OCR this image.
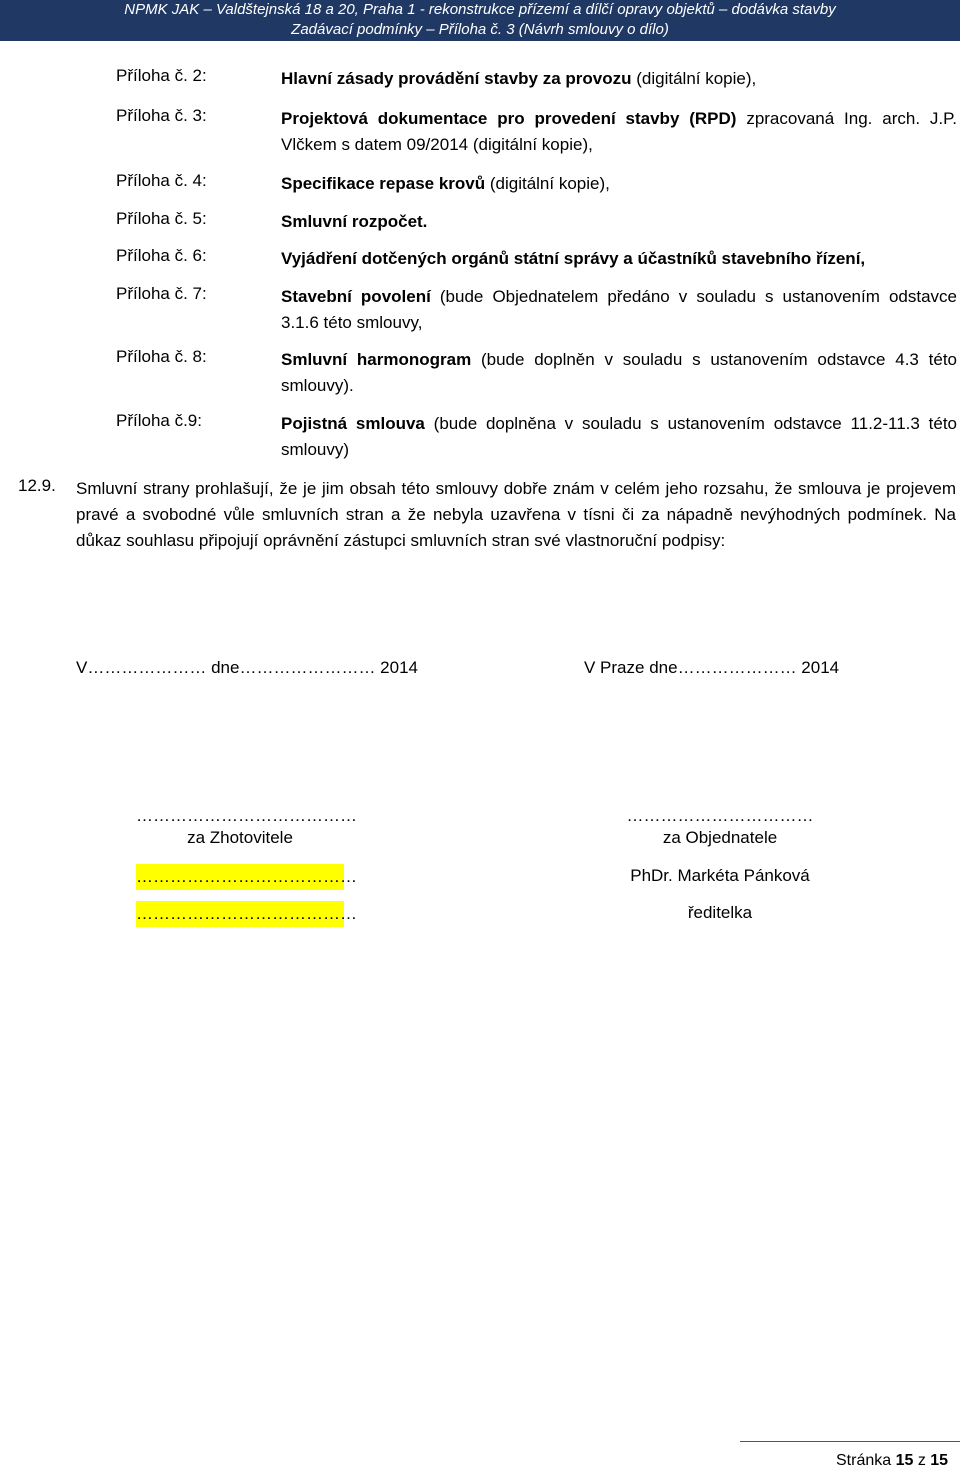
NPMK JAK – Valdštejnská 18 a 20, Praha 1 - rekonstrukce přízemí a dílčí opravy objektů – dodávka stavby
Zadávací podmínky – Příloha č. 3 (Návrh smlouvy o dílo)
Příloha č. 2:	Hlavní zásady provádění stavby za provozu (digitální kopie),
Příloha č. 3:	Projektová dokumentace pro provedení stavby (RPD) zpracovaná Ing. arch. J.P. Vlčkem s datem 09/2014 (digitální kopie),
Příloha č. 4:	Specifikace repase krovů (digitální kopie),
Příloha č. 5:	Smluvní rozpočet.
Příloha č. 6:	Vyjádření dotčených orgánů státní správy a účastníků stavebního řízení,
Příloha č. 7:	Stavební povolení (bude Objednatelem předáno v souladu s ustanovením odstavce 3.1.6 této smlouvy,
Příloha č. 8:	Smluvní harmonogram (bude doplněn v souladu s ustanovením odstavce 4.3 této smlouvy).
Příloha č.9:	Pojistná smlouva (bude doplněna v souladu s ustanovením odstavce 11.2-11.3 této smlouvy)
12.9. Smluvní strany prohlašují, že je jim obsah této smlouvy dobře znám v celém jeho rozsahu, že smlouva je projevem pravé a svobodné vůle smluvních stran a že nebyla uzavřena v tísni či za nápadně nevýhodných podmínek. Na důkaz souhlasu připojují oprávnění zástupci smluvních stran své vlastnoruční podpisy:
V………………… dne…………………… 2014	V Praze dne………………… 2014
…………………………………
za Zhotovitele
…………………………………
…………………………………
……………………………
za Objednatele
PhDr. Markéta Pánková
ředitelka
Stránka 15 z 15
